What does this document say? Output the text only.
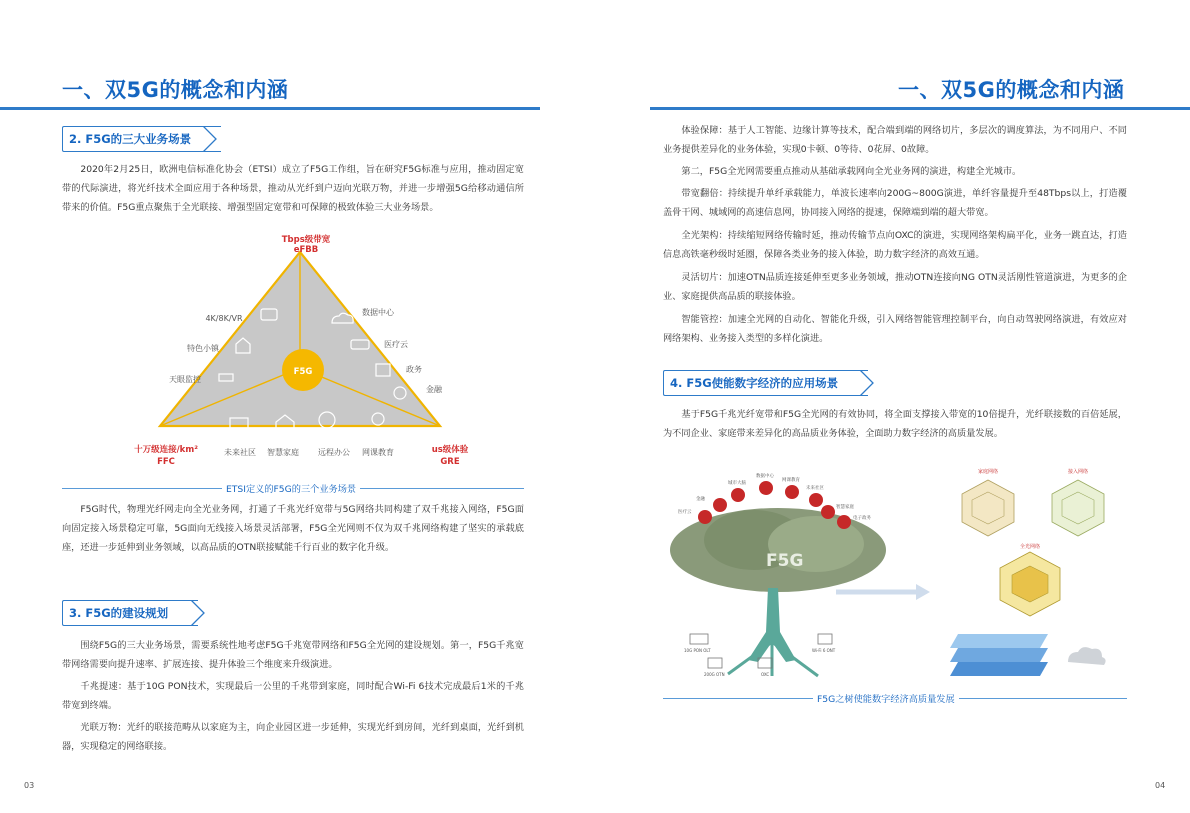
一、双5G的概念和内涵
2. F5G的三大业务场景
2020年2月25日，欧洲电信标准化协会（ETSI）成立了F5G工作组，旨在研究F5G标准与应用，推动固定宽带的代际演进，将光纤技术全面应用于各种场景，推动从光纤到户迈向光联万物，并进一步增强5G给移动通信所带来的价值。F5G重点聚焦于全光联接、增强型固定宽带和可保障的极致体验三大业务场景。
F5G
Tbps级带宽
eFBB
十万级连接/km²
FFC
us级体验
GRE
4K/8K/VR
特色小镇
天眼监控
数据中心
医疗云
政务
金融
未来社区 智慧家庭 远程办公 网课教育
ETSI定义的F5G的三个业务场景
F5G时代，物理光纤网走向全光业务网，打通了千兆光纤宽带与5G网络共同构建了双千兆接入网络，F5G面向固定接入场景稳定可靠，5G面向无线接入场景灵活部署，F5G全光网则不仅为双千兆网络构建了坚实的承载底座，还进一步延伸到业务领域，以高品质的OTN联接赋能千行百业的数字化升级。
3. F5G的建设规划
围绕F5G的三大业务场景，需要系统性地考虑F5G千兆宽带网络和F5G全光网的建设规划。第一，F5G千兆宽带网络需要向提升速率、扩展连接、提升体验三个维度来升级演进。
千兆提速：基于10G PON技术，实现最后一公里的千兆带到家庭，同时配合Wi-Fi 6技术完成最后1米的千兆带宽到终端。
光联万物：光纤的联接范畴从以家庭为主，向企业园区进一步延伸，实现光纤到房间，光纤到桌面，光纤到机器，实现稳定的网络联接。
03
一、双5G的概念和内涵
体验保障：基于人工智能、边缘计算等技术，配合端到端的网络切片，多层次的调度算法，为不同用户、不同业务提供差异化的业务体验，实现0卡顿、0等待、0花屏、0故障。
第二，F5G全光网需要重点推动从基础承载网向全光业务网的演进，构建全光城市。
带宽翻倍：持续提升单纤承载能力，单波长速率向200G~800G演进，单纤容量提升至48Tbps以上，打造覆盖骨干网、城域网的高速信息网，协同接入网络的提速，保障端到端的超大带宽。
全光架构：持续缩短网络传输时延，推动传输节点向OXC的演进，实现网络架构扁平化，业务一跳直达，打造信息高铁毫秒级时延圈，保障各类业务的接入体验，助力数字经济的高效互通。
灵活切片：加速OTN品质连接延伸至更多业务领域，推动OTN连接向NG OTN灵活刚性管道演进，为更多的企业、家庭提供高品质的联接体验。
智能管控：加速全光网的自动化、智能化升级，引入网络智能管理控制平台，向自动驾驶网络演进，有效应对网络架构、业务接入类型的多样化演进。
4. F5G使能数字经济的应用场景
基于F5G千兆光纤宽带和F5G全光网的有效协同，将全面支撑接入带宽的10倍提升，光纤联接数的百倍延展，为不同企业、家庭带来差异化的高品质业务体验，全面助力数字经济的高质量发展。
F5G
金融
医疗云
城市大脑
数据中心
网课教育
未来社区
智慧家庭
电子政务
10G PON OLT	Wi-Fi 6 ONT
OXC
200G OTN
家庭网络	接入网络
全光网络
F5G之树使能数字经济高质量发展
04
